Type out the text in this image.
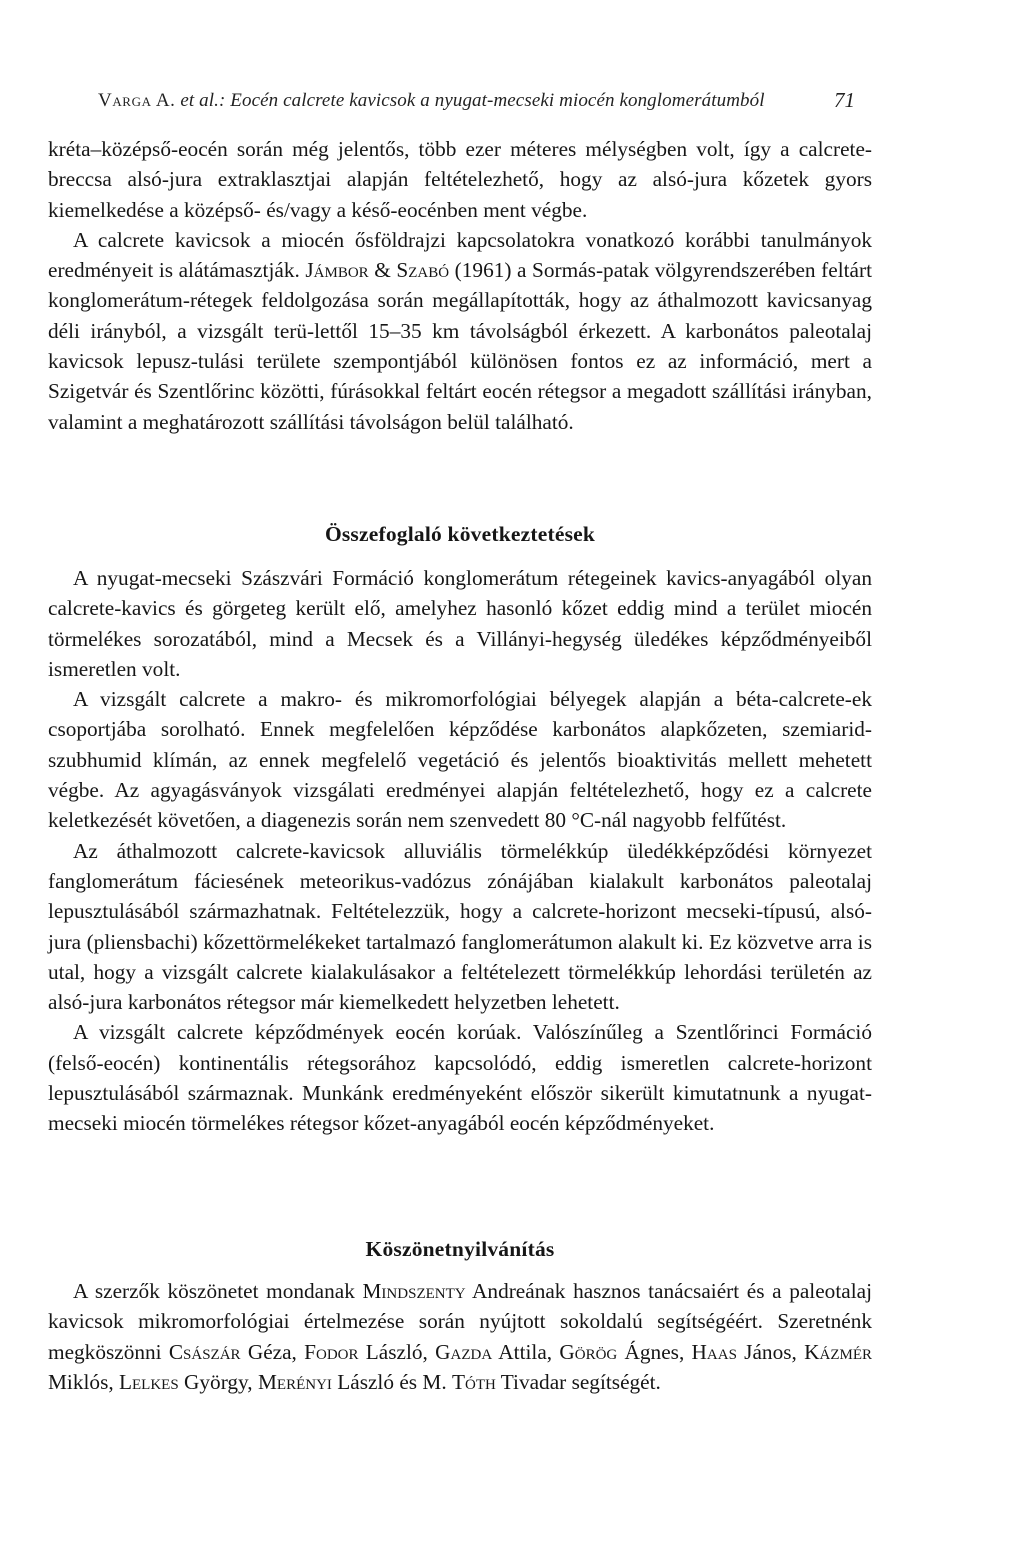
Varga A. et al.: Eocén calcrete kavicsok a nyugat-mecseki miocén konglomerátumból	71

kréta–középső-eocén során még jelentős, több ezer méteres mélységben volt, így a calcrete-breccsa alsó-jura extraklasztjai alapján feltételezhető, hogy az alsó-jura kőzetek gyors kiemelkedése a középső- és/vagy a késő-eocénben ment végbe.

A calcrete kavicsok a miocén ősföldrajzi kapcsolatokra vonatkozó korábbi tanulmányok eredményeit is alátámasztják. Jámbor & Szabó (1961) a Sormás-patak völgyrendszerében feltárt konglomerátum-rétegek feldolgozása során megállapították, hogy az áthalmozott kavicsanyag déli irányból, a vizsgált terü-lettől 15–35 km távolságból érkezett. A karbonátos paleotalaj kavicsok lepusz-tulási területe szempontjából különösen fontos ez az információ, mert a Szigetvár és Szentlőrinc közötti, fúrásokkal feltárt eocén rétegsor a megadott szállítási irányban, valamint a meghatározott szállítási távolságon belül található.

Összefoglaló következtetések

A nyugat-mecseki Szászvári Formáció konglomerátum rétegeinek kavics-anyagából olyan calcrete-kavics és görgeteg került elő, amelyhez hasonló kőzet eddig mind a terület miocén törmelékes sorozatából, mind a Mecsek és a Villányi-hegység üledékes képződményeiből ismeretlen volt.

A vizsgált calcrete a makro- és mikromorfológiai bélyegek alapján a béta-calcrete-ek csoportjába sorolható. Ennek megfelelően képződése karbonátos alapkőzeten, szemiarid-szubhumid klímán, az ennek megfelelő vegetáció és jelentős bioaktivitás mellett mehetett végbe. Az agyagásványok vizsgálati eredményei alapján feltételezhető, hogy ez a calcrete keletkezését követően, a diagenezis során nem szenvedett 80 °C-nál nagyobb felfűtést.

Az áthalmozott calcrete-kavicsok alluviális törmelékkúp üledékképződési környezet fanglomerátum fáciesének meteorikus-vadózus zónájában kialakult karbonátos paleotalaj lepusztulásából származhatnak. Feltételezzük, hogy a calcrete-horizont mecseki-típusú, alsó-jura (pliensbachi) kőzettörmelékeket tartalmazó fanglomerátumon alakult ki. Ez közvetve arra is utal, hogy a vizsgált calcrete kialakulásakor a feltételezett törmelékkúp lehordási területén az alsó-jura karbonátos rétegsor már kiemelkedett helyzetben lehetett.

A vizsgált calcrete képződmények eocén korúak. Valószínűleg a Szentlőrinci Formáció (felső-eocén) kontinentális rétegsorához kapcsolódó, eddig ismeretlen calcrete-horizont lepusztulásából származnak. Munkánk eredményeként először sikerült kimutatnunk a nyugat-mecseki miocén törmelékes rétegsor kőzet-anyagából eocén képződményeket.

Köszönetnyilvánítás

A szerzők köszönetet mondanak Mindszenty Andreának hasznos tanácsaiért és a paleotalaj kavicsok mikromorfológiai értelmezése során nyújtott sokoldalú segítségéért. Szeretnénk megköszönni Császár Géza, Fodor László, Gazda Attila, Görög Ágnes, Haas János, Kázmér Miklós, Lelkes György, Merényi László és M. Tóth Tivadar segítségét.
